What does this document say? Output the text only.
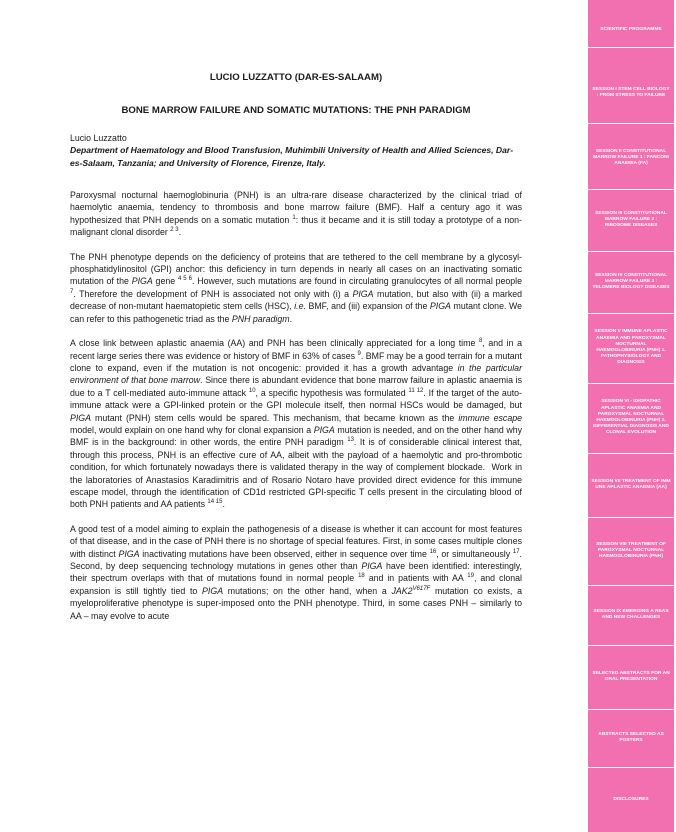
LUCIO LUZZATTO (DAR-ES-SALAAM)
BONE MARROW FAILURE AND SOMATIC MUTATIONS: THE PNH PARADIGM
Lucio Luzzatto
Department of Haematology and Blood Transfusion, Muhimbili University of Health and Allied Sciences, Dar-es-Salaam, Tanzania; and University of Florence, Firenze, Italy.

Paroxysmal nocturnal haemoglobinuria (PNH) is an ultra-rare disease characterized by the clinical triad of haemolytic anaemia, tendency to thrombosis and bone marrow failure (BMF). Half a century ago it was hypothesized that PNH depends on a somatic mutation $^1$: thus it became and it is still today a prototype of a non-malignant clonal disorder $^{2 3}$.

The PNH phenotype depends on the deficiency of proteins that are tethered to the cell membrane by a glycosyl-phosphatidylinositol (GPI) anchor: this deficiency in turn depends in nearly all cases on an inactivating somatic mutation of the PIGA gene $^{4 5 6}$. However, such mutations are found in circulating granulocytes of all normal people $^7$. Therefore the development of PNH is associated not only with (i) a PIGA mutation, but also with (ii) a marked decrease of non-mutant haematopietic stem cells (HSC), i.e. BMF, and (iii) expansion of the PIGA mutant clone. We can refer to this pathogenetic triad as the PNH paradigm.

A close link between aplastic anaemia (AA) and PNH has been clinically appreciated for a long time $^8$, and in a recent large series there was evidence or history of BMF in 63% of cases $^9$. BMF may be a good terrain for a mutant clone to expand, even if the mutation is not oncogenic: provided it has a growth advantage in the particular environment of that bone marrow. Since there is abundant evidence that bone marrow failure in aplastic anaemia is due to a T cell-mediated auto-immune attack $^{10}$, a specific hypothesis was formulated $^{11 12}$. If the target of the auto-immune attack were a GPI-linked protein or the GPI molecule itself, then normal HSCs would be damaged, but PIGA mutant (PNH) stem cells would be spared. This mechanism, that became known as the immune escape model, would explain on one hand why for clonal expansion a PIGA mutation is needed, and on the other hand why BMF is in the background: in other words, the entire PNH paradigm $^{13}$. It is of considerable clinical interest that, through this process, PNH is an effective cure of AA, albeit with the payload of a haemolytic and pro-thrombotic condition, for which fortunately nowadays there is validated therapy in the way of complement blockade.  Work in the laboratories of Anastasios Karadimitris and of Rosario Notaro have provided direct evidence for this immune escape model, through the identification of CD1d restricted GPI-specific T cells present in the circulating blood of both PNH patients and AA patients $^{14 15}$.

A good test of a model aiming to explain the pathogenesis of a disease is whether it can account for most features of that disease, and in the case of PNH there is no shortage of special features. First, in some cases multiple clones with distinct PIGA inactivating mutations have been observed, either in sequence over time $^{16}$, or simultaneously $^{17}$. Second, by deep sequencing technology mutations in genes other than PIGA have been identified: interestingly, their spectrum overlaps with that of mutations found in normal people $^{18}$ and in patients with AA $^{19}$, and clonal expansion is still tightly tied to PIGA mutations; on the other hand, when a $JAK2^{V617F}$ mutation co exists, a myeloproliferative phenotype is super-imposed onto the PNH phenotype. Third, in some cases PNH – similarly to AA – may evolve to acute

SCIENTIFIC PROGRAMME
SESSION I STEM CELL BIOLOGY : FROM STRESS TO FAILURE
SESSION II CONSTITUTIONAL MARROW FAILURE 1 : FANCONI ANAEMIA (FA)
SESSION III CONSTITUTIONAL MARROW FAILURE 2 : RIBOSOME DISEASES
SESSION IV CONSTITUTIONAL MARROW FAILURE 3 : TELOMERE BIOLOGY DISEASES
SESSION V IMMUNE APLASTIC ANAEMIA AND PAROXYSMAL NOCTURNAL HAEMOGLOBINURIA (PNH) 1. PATHOPHYSIOLOGY AND DIAGNOSIS
SESSION VI - IDIOPATHIC APLASTIC ANAEMIA AND PAROXYSMAL NOCTURNAL HAEMOGLOBINURIA (PNH) 2. DIFFERENTIAL DIAGNOSIS AND CLONAL EVOLUTION
SESSION VII TREATMENT OF IMM UNE APLASTIC ANAEMIA (AA)
SESSION VIII TREATMENT OF PAROXYSMAL NOCTURNAL HAEMOGLOBINURIA (PNH)
SESSION IX EMERGING A REAS AND NEW CHALLENGES
SELECTED ABSTRACTS FOR AN ORAL PRESENTATION
ABSTRACTS SELECTED AS POSTERS
DISCLOSURES
